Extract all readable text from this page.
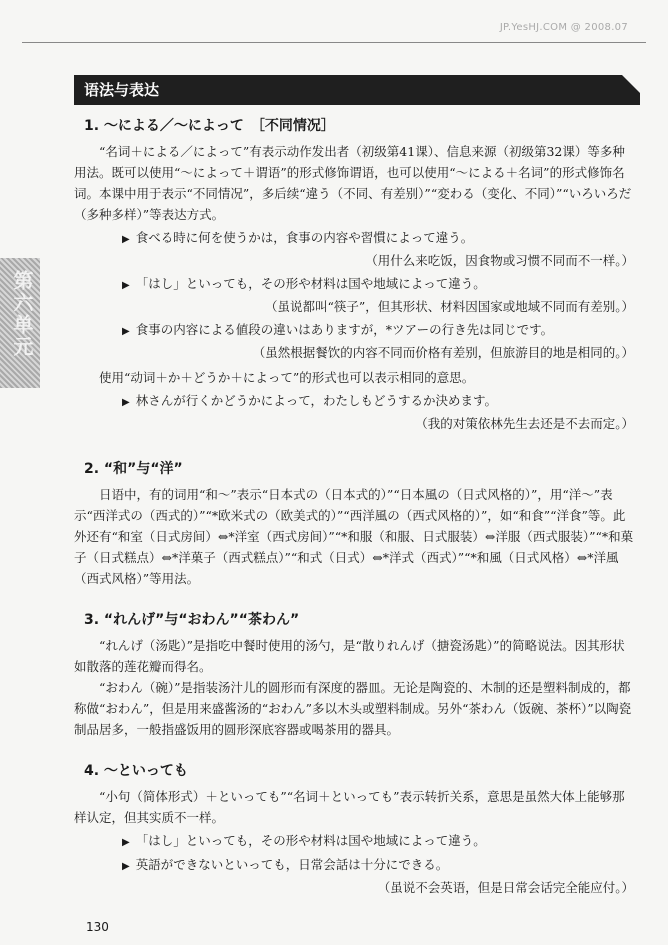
JP.YesHJ.COM @ 2008.07
语法与表达
第六单元
1. ～による／～によって　［不同情况］

“名词＋による／によって”有表示动作发出者（初级第41课）、信息来源（初级第32课）等多种用法。既可以使用“～によって＋谓语”的形式修饰谓语，也可以使用“～による＋名词”的形式修饰名词。本课中用于表示“不同情况”，多后续“違う（不同、有差别）”“変わる（变化、不同）”“いろいろだ（多种多样）”等表达方式。

▶ 食べる時に何を使うかは，食事の内容や習慣によって違う。

（用什么来吃饭，因食物或习惯不同而不一样。）

▶ 「はし」といっても，その形や材料は国や地域によって違う。

（虽说都叫“筷子”，但其形状、材料因国家或地域不同而有差别。）

▶ 食事の内容による値段の違いはありますが，*ツアーの行き先は同じです。

（虽然根据餐饮的内容不同而价格有差别，但旅游目的地是相同的。）

使用“动词＋か＋どうか＋によって”的形式也可以表示相同的意思。

▶ 林さんが行くかどうかによって，わたしもどうするか決めます。

（我的对策依林先生去还是不去而定。）

2. “和”与“洋”

日语中，有的词用“和～”表示“日本式の（日本式的）”“日本風の（日式风格的）”，用“洋～”表示“西洋式の（西式的）”“*欧米式の（欧美式的）”“西洋風の（西式风格的）”，如“和食”“洋食”等。此外还有“和室（日式房间）⇔*洋室（西式房间）”“*和服（和服、日式服装）⇔洋服（西式服装）”“*和菓子（日式糕点）⇔*洋菓子（西式糕点）”“和式（日式）⇔*洋式（西式）”“*和風（日式风格）⇔*洋風（西式风格）”等用法。

3. “れんげ”与“おわん”“茶わん”

“れんげ（汤匙）”是指吃中餐时使用的汤勺，是“散りれんげ（搪瓷汤匙）”的简略说法。因其形状如散落的莲花瓣而得名。

“おわん（碗）”是指装汤汁儿的圆形而有深度的器皿。无论是陶瓷的、木制的还是塑料制成的，都称做“おわん”，但是用来盛酱汤的“おわん”多以木头或塑料制成。另外“茶わん（饭碗、茶杯）”以陶瓷制品居多，一般指盛饭用的圆形深底容器或喝茶用的器具。

4. ～といっても

“小句（简体形式）＋といっても”“名词＋といっても”表示转折关系，意思是虽然大体上能够那样认定，但其实质不一样。

▶ 「はし」といっても，その形や材料は国や地域によって違う。

▶ 英語ができないといっても，日常会話は十分にできる。

（虽说不会英语，但是日常会话完全能应付。）

130
